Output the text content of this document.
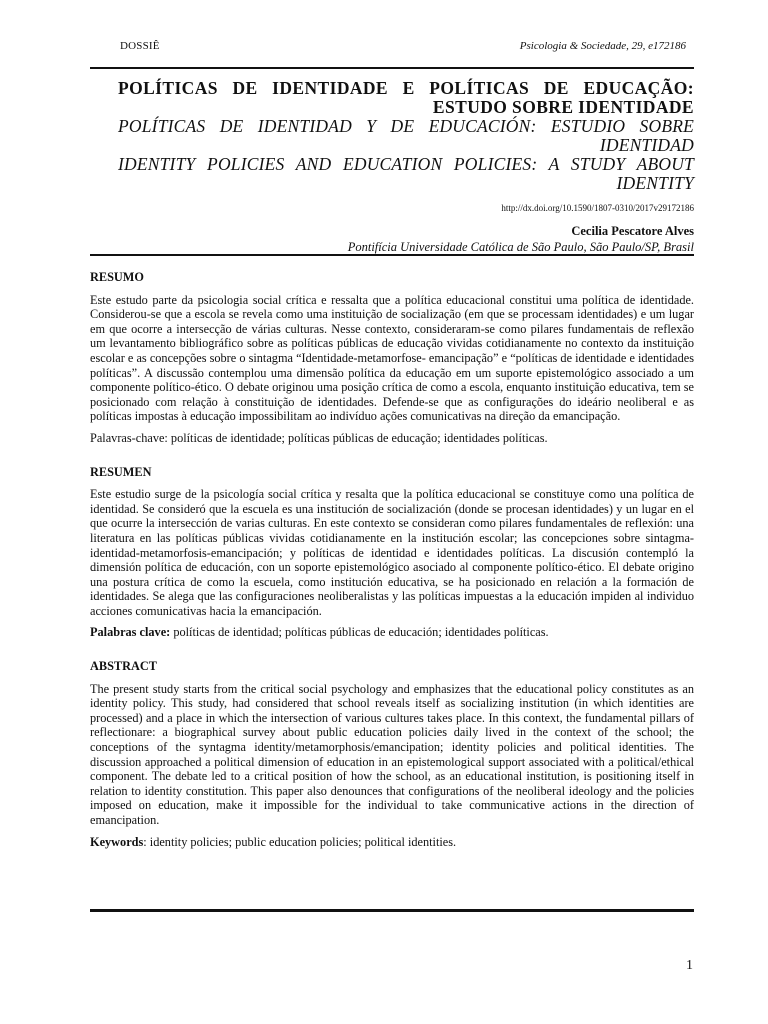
DOSSIÊ	Psicologia & Sociedade, 29, e172186
POLÍTICAS DE IDENTIDADE E POLÍTICAS DE EDUCAÇÃO: ESTUDO SOBRE IDENTIDADE
POLÍTICAS DE IDENTIDAD Y DE EDUCACIÓN: ESTUDIO SOBRE IDENTIDAD
IDENTITY POLICIES AND EDUCATION POLICIES: A STUDY ABOUT IDENTITY
http://dx.doi.org/10.1590/1807-0310/2017v29172186
Cecilia Pescatore Alves
Pontifícia Universidade Católica de São Paulo, São Paulo/SP, Brasil
RESUMO

Este estudo parte da psicologia social crítica e ressalta que a política educacional constitui uma política de identidade. Considerou-se que a escola se revela como uma instituição de socialização (em que se processam identidades) e um lugar em que ocorre a intersecção de várias culturas. Nesse contexto, consideraram-se como pilares fundamentais de reflexão um levantamento bibliográfico sobre as políticas públicas de educação vividas cotidianamente no contexto da instituição escolar e as concepções sobre o sintagma “Identidade-metamorfose- emancipação” e “políticas de identidade e identidades políticas”. A discussão contemplou uma dimensão política da educação em um suporte epistemológico associado a um componente político-ético. O debate originou uma posição crítica de como a escola, enquanto instituição educativa, tem se posicionado com relação à constituição de identidades. Defende-se que as configurações do ideário neoliberal e as políticas impostas à educação impossibilitam ao indivíduo ações comunicativas na direção da emancipação.

Palavras-chave: políticas de identidade; políticas públicas de educação; identidades políticas.

RESUMEN

Este estudio surge de la psicología social crítica y resalta que la política educacional se constituye como una política de identidad. Se consideró que la escuela es una institución de socialización (donde se procesan identidades) y un lugar en el que ocurre la intersección de varias culturas. En este contexto se consideran como pilares fundamentales de reflexión: una literatura en las políticas públicas vividas cotidianamente en la institución escolar; las concepciones sobre sintagma-identidad-metamorfosis-emancipación; y políticas de identidad e identidades políticas. La discusión contempló la dimensión política de educación, con un soporte epistemológico asociado al componente político-ético. El debate origino una postura crítica de como la escuela, como institución educativa, se ha posicionado en relación a la formación de identidades. Se alega que las configuraciones neoliberalistas y las políticas impuestas a la educación impiden al individuo acciones comunicativas hacia la emancipación.

Palabras clave: políticas de identidad; políticas públicas de educación; identidades políticas.

ABSTRACT

The present study starts from the critical social psychology and emphasizes that the educational policy constitutes as an identity policy. This study, had considered that school reveals itself as socializing institution (in which identities are processed) and a place in which the intersection of various cultures takes place. In this context, the fundamental pillars of reflectionare: a biographical survey about public education policies daily lived in the context of the school; the conceptions of the syntagma identity/metamorphosis/emancipation; identity policies and political identities. The discussion approached a political dimension of education in an epistemological support associated with a political/ethical component. The debate led to a critical position of how the school, as an educational institution, is positioning itself in relation to identity constitution. This paper also denounces that configurations of the neoliberal ideology and the policies imposed on education, make it impossible for the individual to take communicative actions in the direction of emancipation.

Keywords: identity policies; public education policies; political identities.

1
